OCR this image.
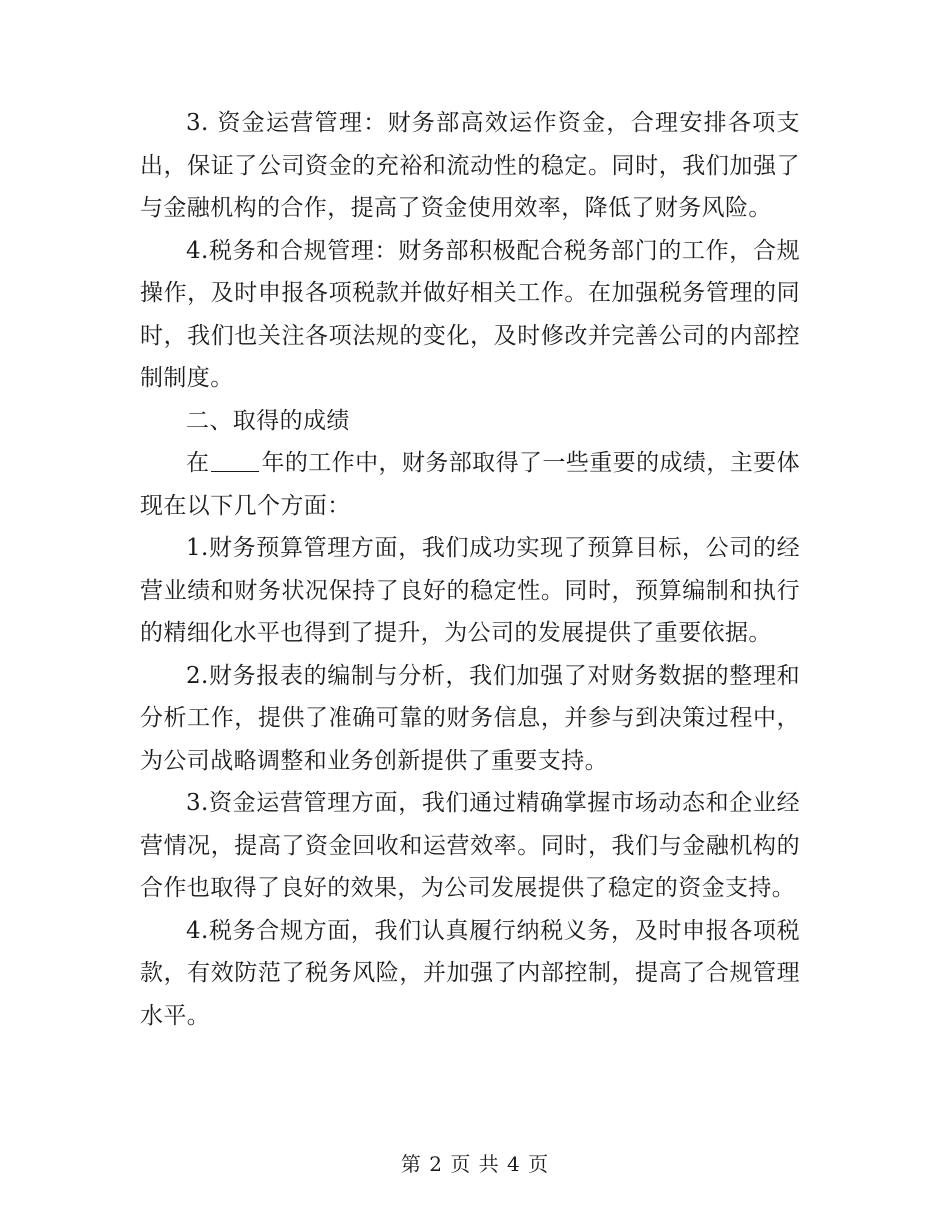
3. 资金运营管理：财务部高效运作资金，合理安排各项支出，保证了公司资金的充裕和流动性的稳定。同时，我们加强了与金融机构的合作，提高了资金使用效率，降低了财务风险。

4.税务和合规管理：财务部积极配合税务部门的工作，合规操作，及时申报各项税款并做好相关工作。在加强税务管理的同时，我们也关注各项法规的变化，及时修改并完善公司的内部控制制度。

二、取得的成绩

在 年的工作中，财务部取得了一些重要的成绩，主要体现在以下几个方面：

1.财务预算管理方面，我们成功实现了预算目标，公司的经营业绩和财务状况保持了良好的稳定性。同时，预算编制和执行的精细化水平也得到了提升，为公司的发展提供了重要依据。

2.财务报表的编制与分析，我们加强了对财务数据的整理和分析工作，提供了准确可靠的财务信息，并参与到决策过程中，为公司战略调整和业务创新提供了重要支持。

3.资金运营管理方面，我们通过精确掌握市场动态和企业经营情况，提高了资金回收和运营效率。同时，我们与金融机构的合作也取得了良好的效果，为公司发展提供了稳定的资金支持。

4.税务合规方面，我们认真履行纳税义务，及时申报各项税款，有效防范了税务风险，并加强了内部控制，提高了合规管理水平。

第 2 页 共 4 页
